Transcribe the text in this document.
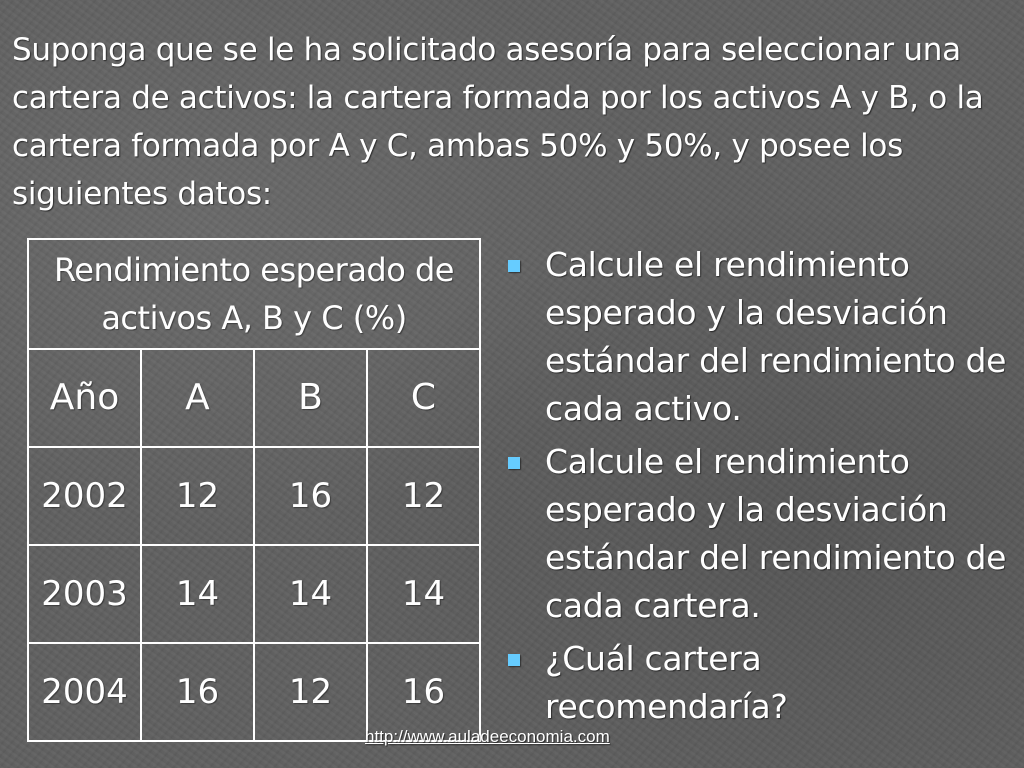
Suponga que se le ha solicitado asesoría para seleccionar una cartera de activos: la cartera formada por los activos A y B, o la cartera formada por A y C, ambas 50% y 50%, y posee los siguientes datos:

Rendimiento esperado de activos A, B y C (%)			
Año	A	B	C
2002	12	16	12
2003	14	14	14
2004	16	12	16
Calcule el rendimiento esperado y la desviación estándar del rendimiento de cada activo.
Calcule el rendimiento esperado y la desviación estándar del rendimiento de cada cartera.
¿Cuál cartera recomendaría?
http://www.auladeeconomia.com
